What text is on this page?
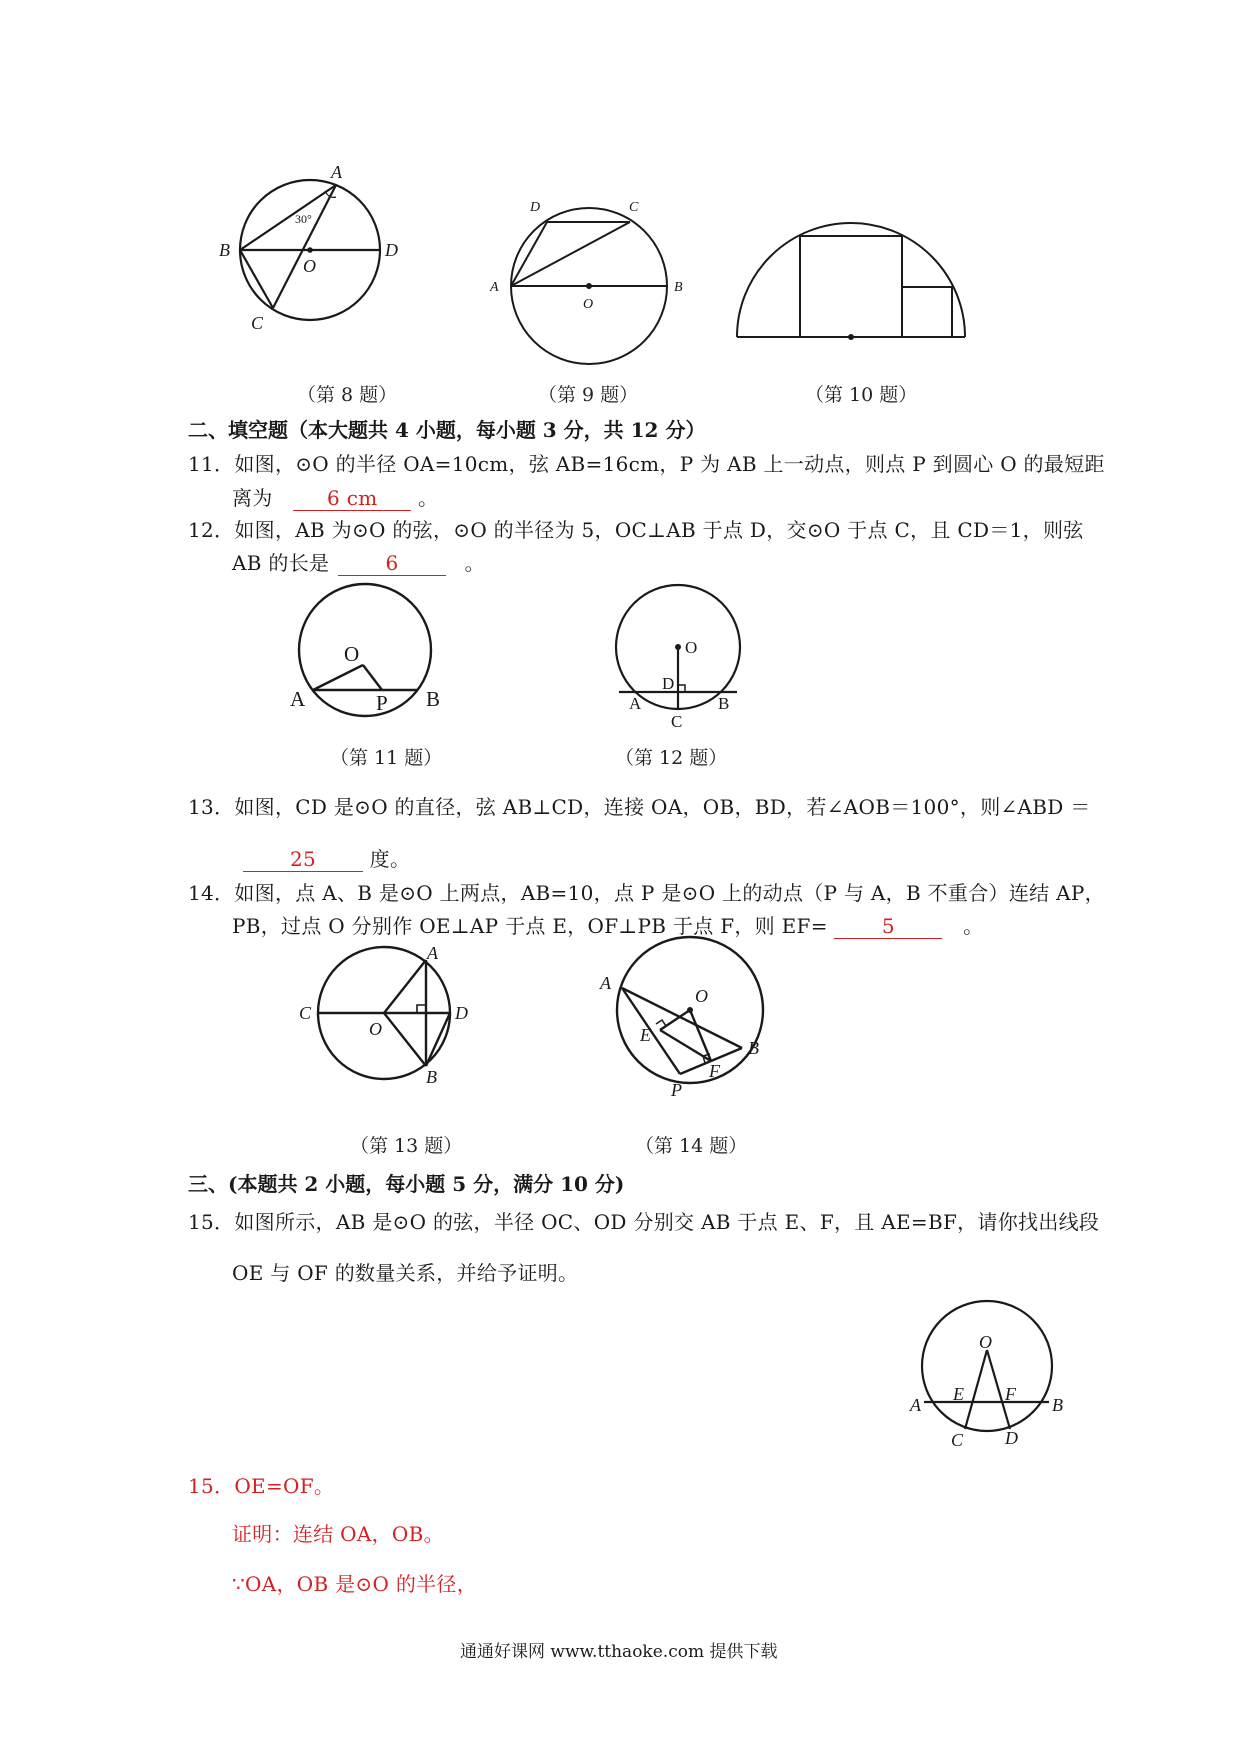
A
B
C
D
O
30°
（第 8 题）
D	C
A	B
O
（第 9 题）	（第 10 题）
二、填空题（本大题共 4 小题，每小题 3 分，共 12 分）
11．如图，⊙O 的半径 OA=10cm，弦 AB=16cm，P 为 AB 上一动点，则点 P 到圆心 O 的最短距
离为	6 cm 。
12．如图，AB 为⊙O 的弦，⊙O 的半径为 5，OC⊥AB 于点 D，交⊙O 于点 C，且 CD＝1，则弦
AB 的长是	6	。
O
A	B
P
（第 11 题）
O
D
A	B
C
（第 12 题）
13．如图，CD 是⊙O 的直径，弦 AB⊥CD，连接 OA，OB，BD，若∠AOB＝100°，则∠ABD ＝
25	度。
14．如图，点 A、B 是⊙O 上两点，AB=10，点 P 是⊙O 上的动点（P 与 A，B 不重合）连结 AP，
PB，过点 O 分别作 OE⊥AP 于点 E，OF⊥PB 于点 F，则 EF=	5	。
A
B
C	D
O
（第 13 题）
A
O
E
F
B
P
（第 14 题）
三、(本题共 2 小题，每小题 5 分，满分 10 分)
15．如图所示，AB 是⊙O 的弦，半径 OC、OD 分别交 AB 于点 E、F，且 AE=BF，请你找出线段
OE 与 OF 的数量关系，并给予证明。
O
E F
A	B
C D
15．OE=OF。
证明：连结 OA，OB。
∵OA，OB 是⊙O 的半径，
通通好课网 www.tthaoke.com 提供下载
